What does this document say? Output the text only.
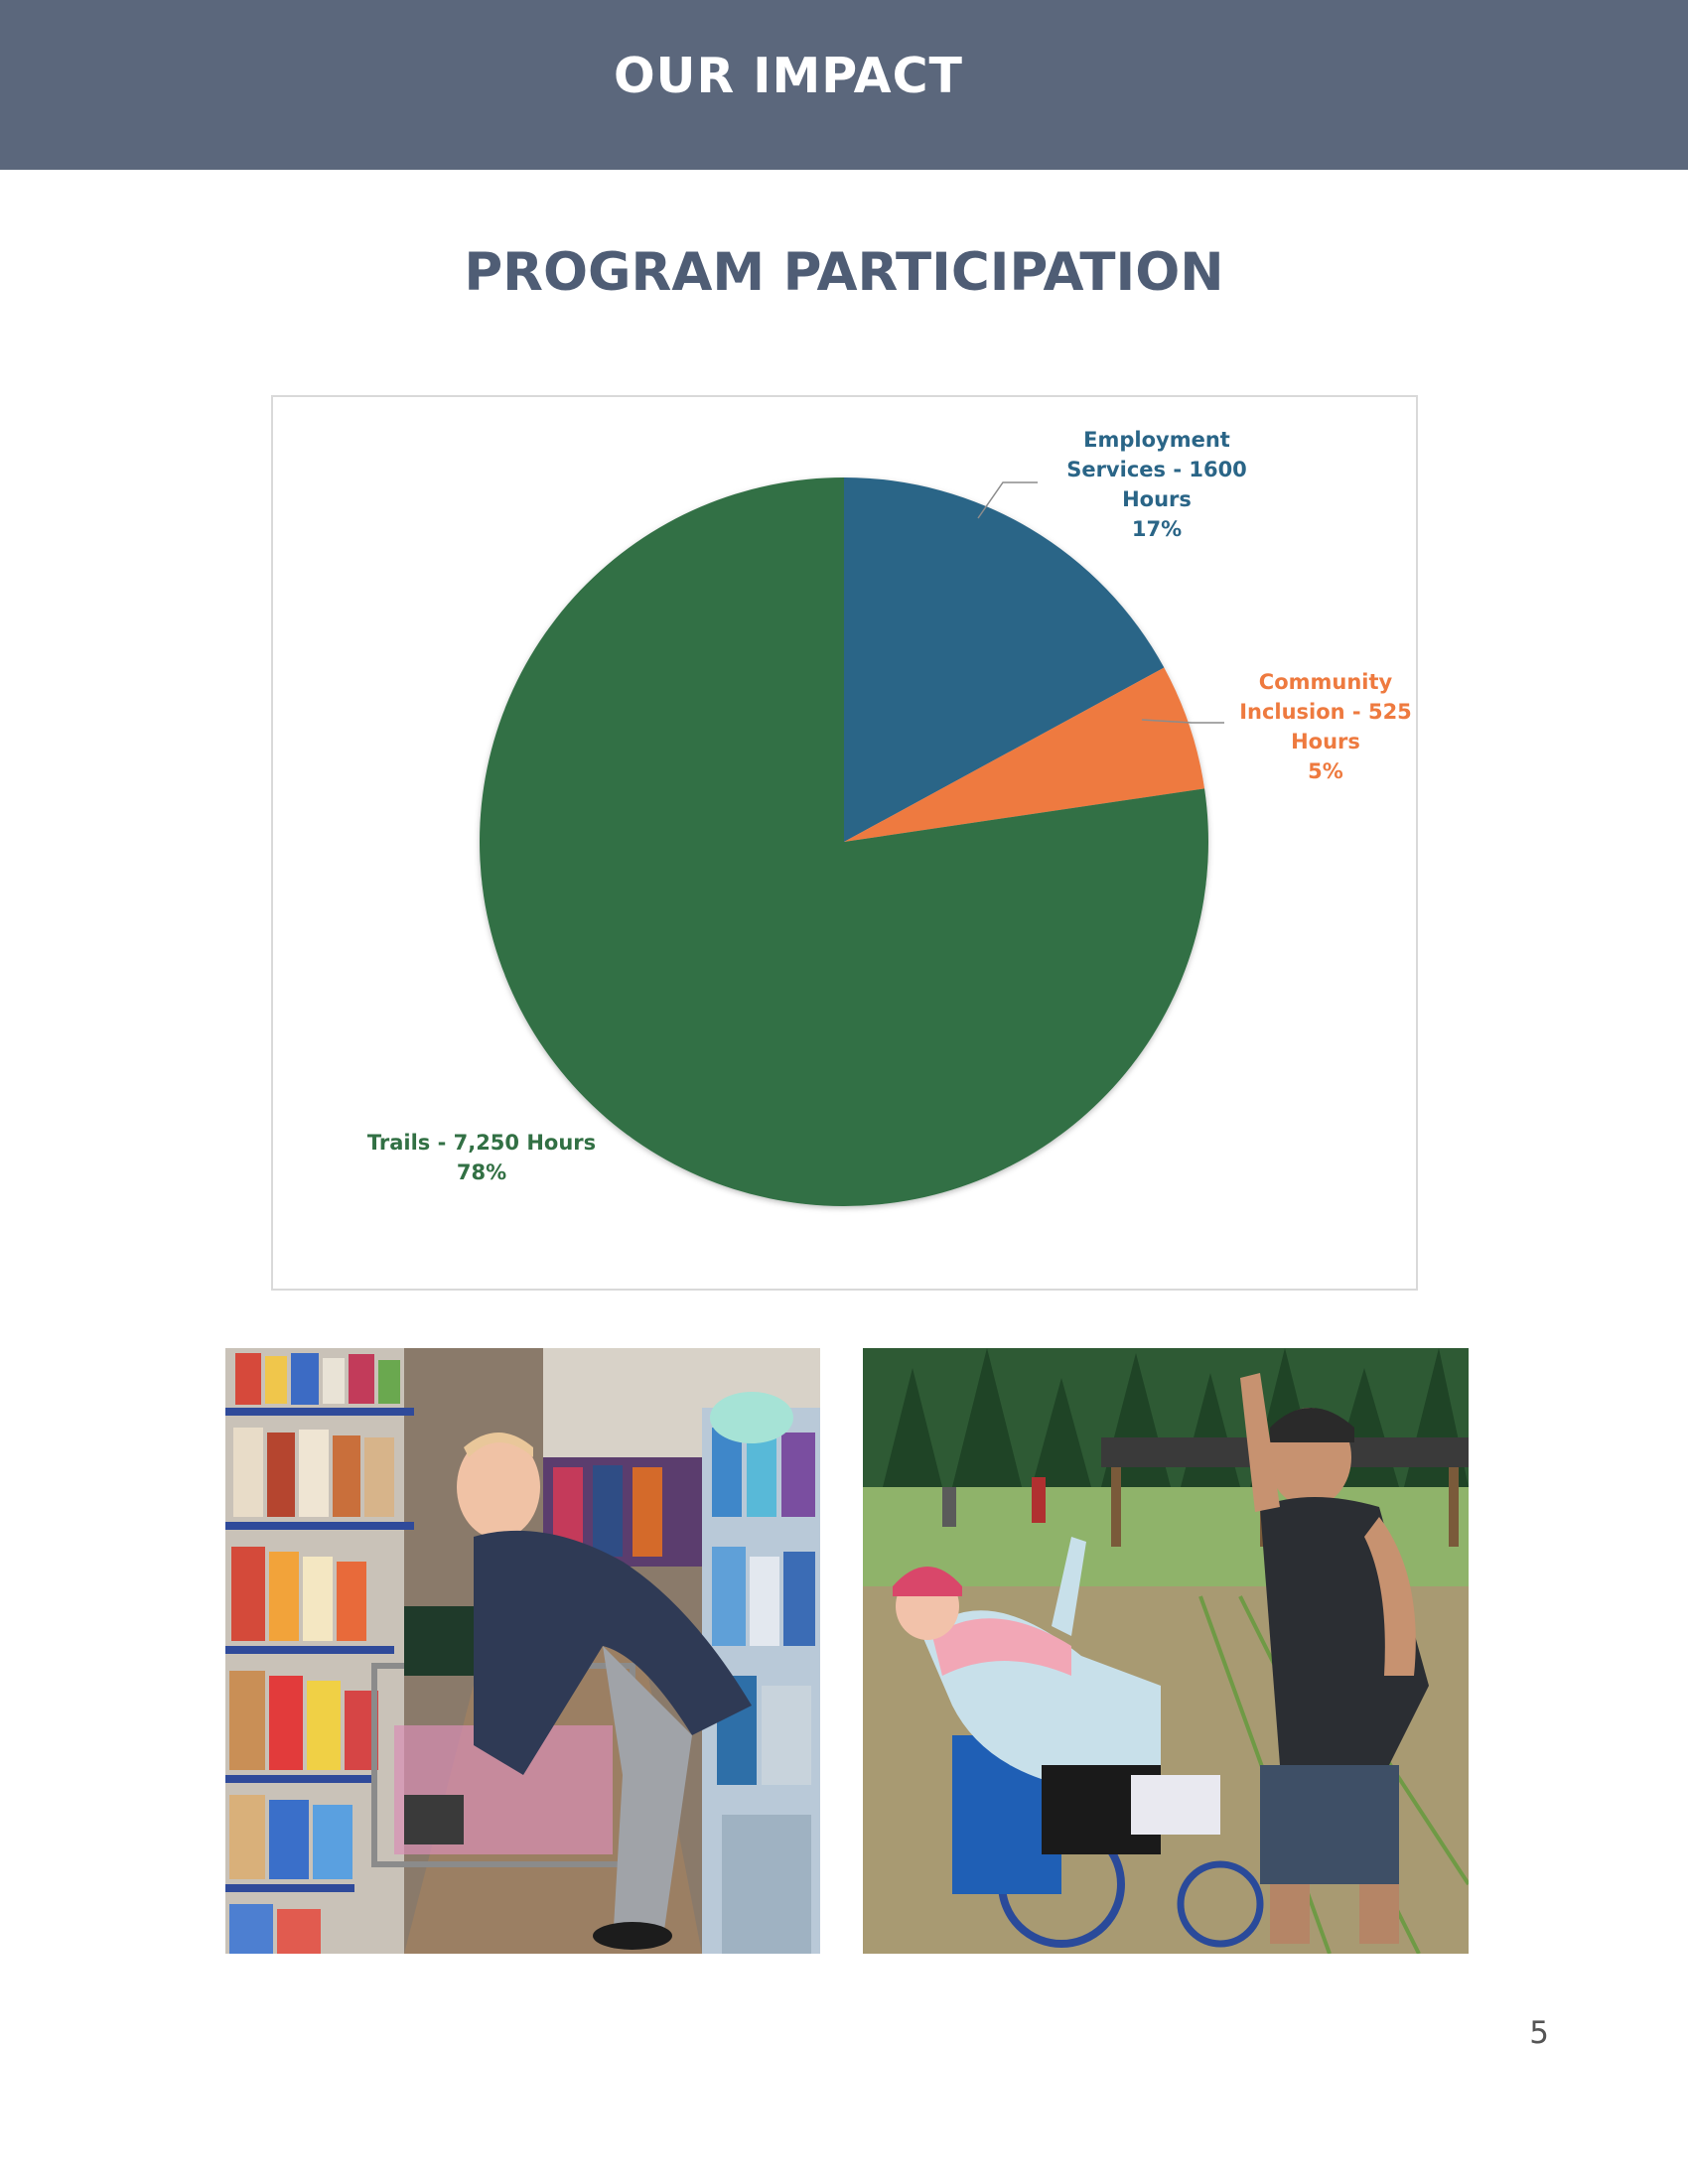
OUR IMPACT
PROGRAM PARTICIPATION
Employment Services - 1600 Hours 17%
Community Inclusion - 525 Hours 5%
Trails - 7,250 Hours 78%
5
